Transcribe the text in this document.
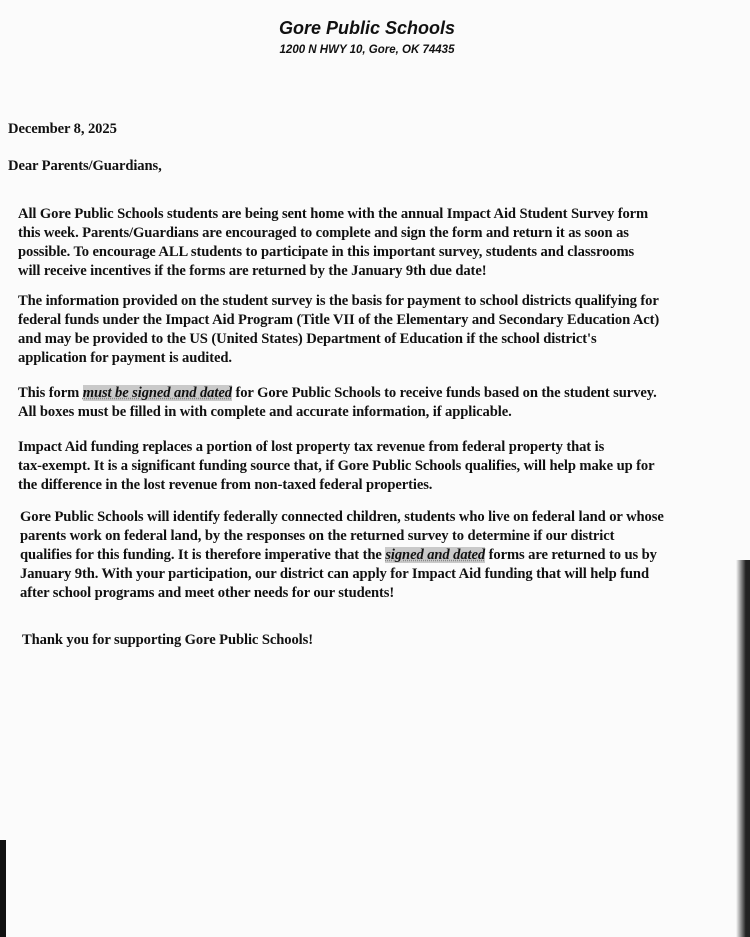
Gore Public Schools
1200 N HWY 10, Gore, OK 74435
December 8, 2025
Dear Parents/Guardians,
All Gore Public Schools students are being sent home with the annual Impact Aid Student Survey form
this week. Parents/Guardians are encouraged to complete and sign the form and return it as soon as
possible. To encourage ALL students to participate in this important survey, students and classrooms
will receive incentives if the forms are returned by the January 9th due date!
The information provided on the student survey is the basis for payment to school districts qualifying for
federal funds under the Impact Aid Program (Title VII of the Elementary and Secondary Education Act)
and may be provided to the US (United States) Department of Education if the school district's
application for payment is audited.
This form must be signed and dated for Gore Public Schools to receive funds based on the student survey.
All boxes must be filled in with complete and accurate information, if applicable.
Impact Aid funding replaces a portion of lost property tax revenue from federal property that is
tax-exempt. It is a significant funding source that, if Gore Public Schools qualifies, will help make up for
the difference in the lost revenue from non-taxed federal properties.
Gore Public Schools will identify federally connected children, students who live on federal land or whose
parents work on federal land, by the responses on the returned survey to determine if our district
qualifies for this funding. It is therefore imperative that the signed and dated forms are returned to us by
January 9th. With your participation, our district can apply for Impact Aid funding that will help fund
after school programs and meet other needs for our students!
Thank you for supporting Gore Public Schools!
